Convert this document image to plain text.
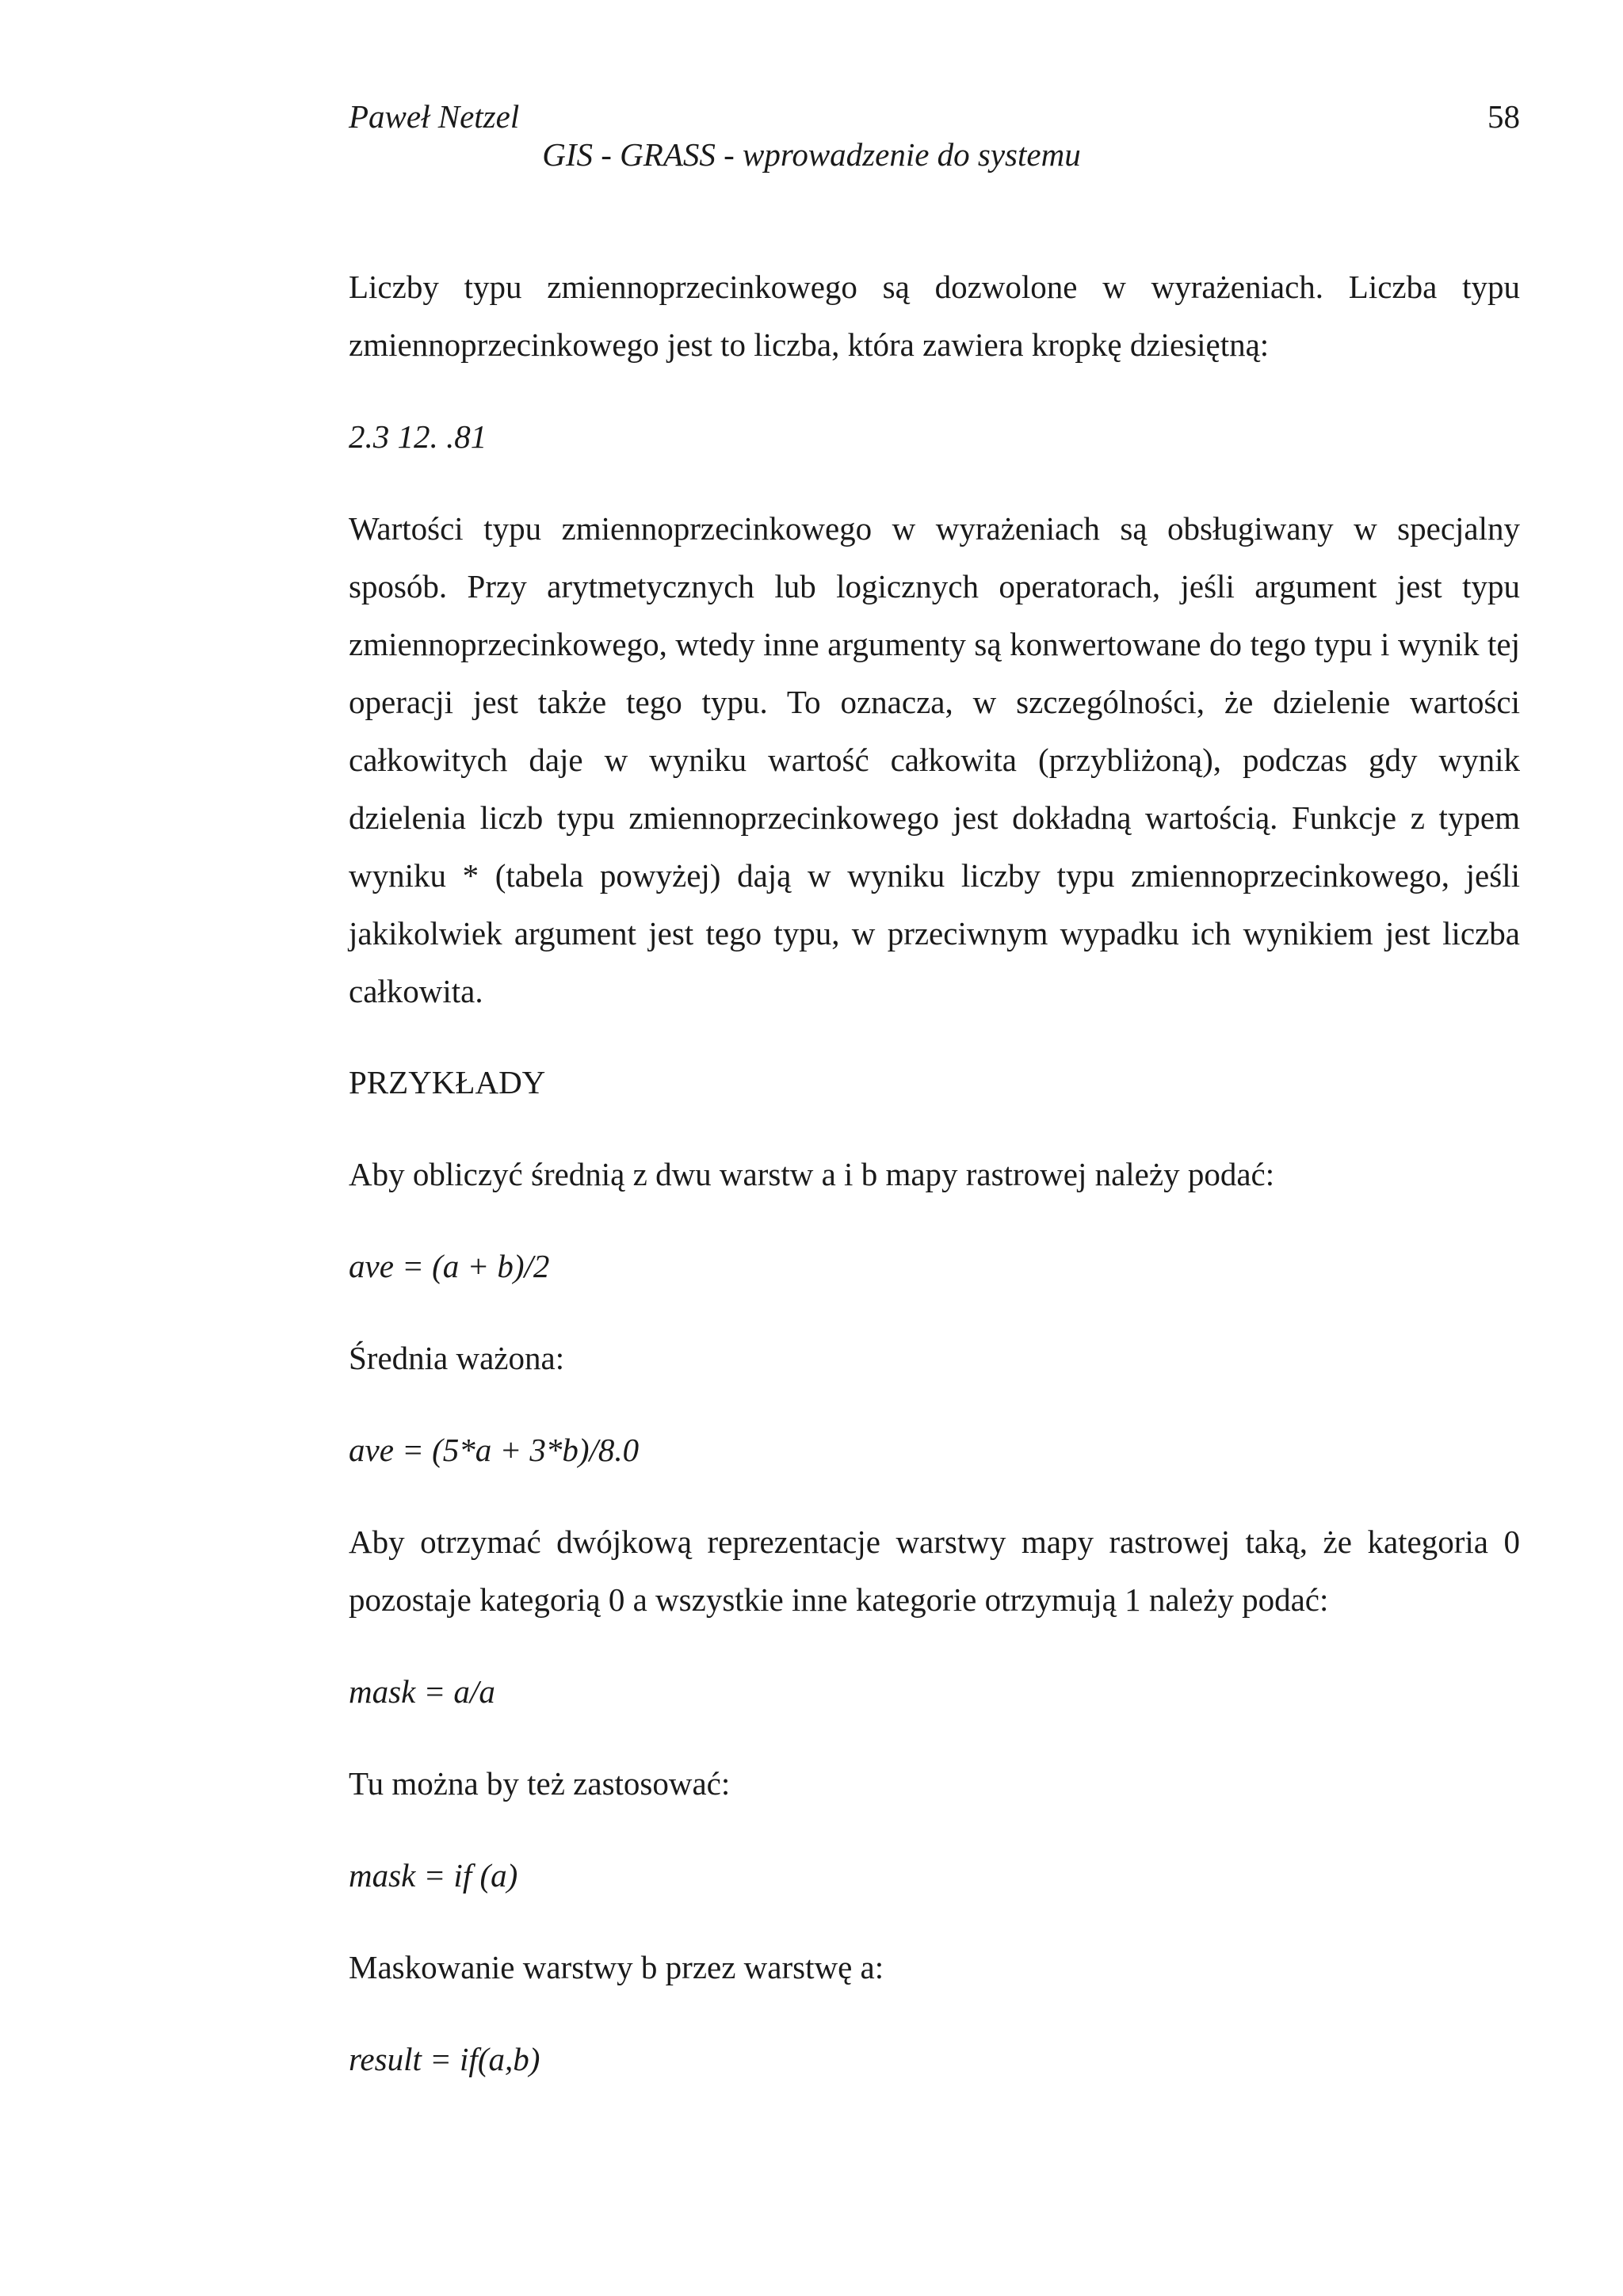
Paweł Netzel	58
GIS - GRASS - wprowadzenie do systemu

Liczby typu zmiennoprzecinkowego są dozwolone w wyrażeniach. Liczba typu zmiennoprzecinkowego jest to liczba, która zawiera kropkę dziesiętną:

2.3 12. .81

Wartości typu zmiennoprzecinkowego w wyrażeniach są obsługiwany w specjalny sposób. Przy arytmetycznych lub logicznych operatorach, jeśli argument jest typu zmiennoprzecinkowego, wtedy inne argumenty są konwertowane do tego typu i wynik tej operacji jest także tego typu. To oznacza, w szczególności, że dzielenie wartości całkowitych daje w wyniku wartość całkowita (przybliżoną), podczas gdy wynik dzielenia liczb typu zmiennoprzecinkowego jest dokładną wartością. Funkcje z typem wyniku * (tabela powyżej) dają w wyniku liczby typu zmiennoprzecinkowego, jeśli jakikolwiek argument jest tego typu, w przeciwnym wypadku ich wynikiem jest liczba całkowita.

PRZYKŁADY

Aby obliczyć średnią z dwu warstw a i b mapy rastrowej należy podać:

ave = (a + b)/2

Średnia ważona:

ave = (5*a + 3*b)/8.0

Aby otrzymać dwójkową reprezentacje warstwy mapy rastrowej taką, że kategoria 0 pozostaje kategorią 0 a wszystkie inne kategorie otrzymują 1 należy podać:

mask = a/a

Tu można by też zastosować:

mask = if (a)

Maskowanie warstwy b przez warstwę a:

result = if(a,b)
